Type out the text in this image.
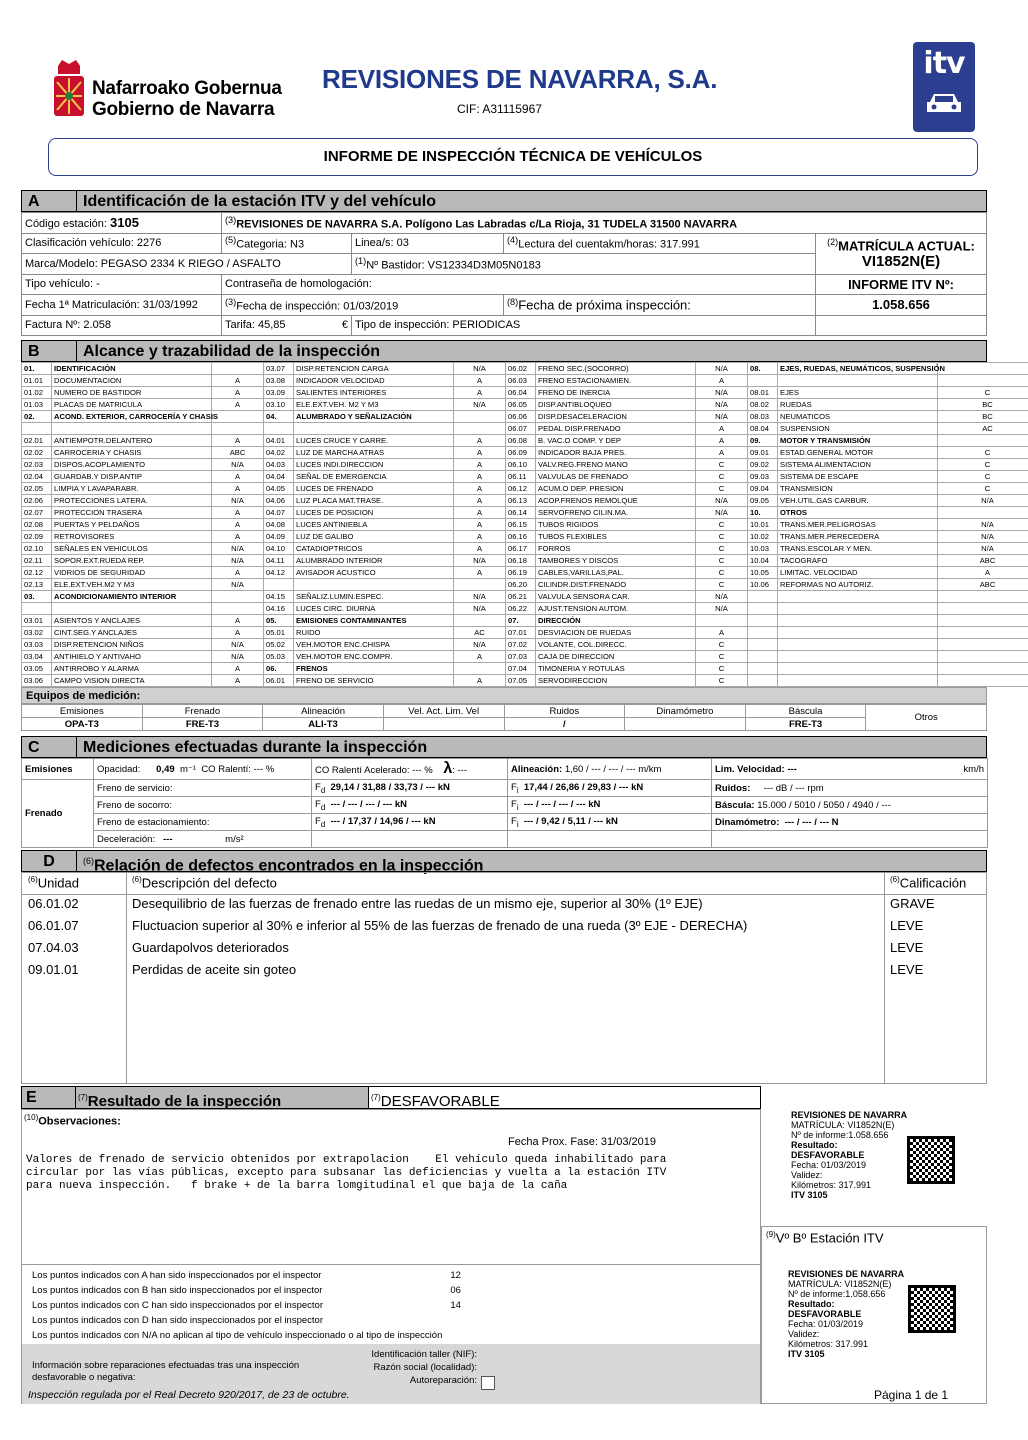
Nafarroako Gobernua
Gobierno de Navarra
REVISIONES DE NAVARRA, S.A.
CIF: A31115967
itv
INFORME DE INSPECCIÓN TÉCNICA DE VEHÍCULOS
A	Identificación de la estación ITV y del vehículo
Código estación: 3105	$^{(3)}$REVISIONES DE NAVARRA S.A. Polígono Las Labradas c/La Rioja, 31 TUDELA 31500 NAVARRA			
Clasificación vehículo: 2276	$^{(5)}$Categoria: N3	Linea/s: 03	$^{(4)}$Lectura del cuentakm/horas: 317.991	$^{(2)}$MATRÍCULA ACTUAL:
VI1852N(E)
Marca/Modelo: PEGASO 2334 K RIEGO / ASFALTO		$^{(1)}$Nº Bastidor: VS12334D3M05N0183		
Tipo vehículo: -	Contraseña de homologación:			INFORME ITV Nº:
Fecha 1ª Matriculación: 31/03/1992	$^{(3)}$Fecha de inspección: 01/03/2019		$^{(8)}$Fecha de próxima inspección:	1.058.656
Factura Nº: 2.058	Tarifa: 45,85 €	Tipo de inspección: PERIODICAS		
B	Alcance y trazabilidad de la inspección
01.	IDENTIFICACIÓN		03.07	DISP.RETENCION CARGA	N/A	06.02	FRENO SEC.(SOCORRO)	N/A	08.	EJES, RUEDAS, NEUMÁTICOS, SUSPENSIÓN	
01.01	DOCUMENTACION	A	03.08	INDICADOR VELOCIDAD	A	06.03	FRENO ESTACIONAMIEN.	A			
01.02	NUMERO DE BASTIDOR	A	03.09	SALIENTES INTERIORES	A	06.04	FRENO DE INERCIA	N/A	08.01	EJES	C
01.03	PLACAS DE MATRICULA	A	03.10	ELE.EXT.VEH. M2 Y M3	N/A	06.05	DISP.ANTIBLOQUEO	N/A	08.02	RUEDAS	BC
02.	ACOND. EXTERIOR, CARROCERÍA Y CHASIS		04.	ALUMBRADO Y SEÑALIZACIÓN		06.06	DISP.DESACELERACION	N/A	08.03	NEUMATICOS	BC
						06.07	PEDAL DISP.FRENADO	A	08.04	SUSPENSION	AC
02.01	ANTIEMPOTR.DELANTERO	A	04.01	LUCES CRUCE Y CARRE.	A	06.08	B. VAC.O COMP. Y DEP	A	09.	MOTOR Y TRANSMISIÓN	
02.02	CARROCERIA Y CHASIS	ABC	04.02	LUZ DE MARCHA ATRAS	A	06.09	INDICADOR BAJA PRES.	A	09.01	ESTAD.GENERAL MOTOR	C
02.03	DISPOS.ACOPLAMIENTO	N/A	04.03	LUCES INDI.DIRECCION	A	06.10	VALV.REG.FRENO MANO	C	09.02	SISTEMA ALIMENTACION	C
02.04	GUARDAB.Y DISP.ANTIP	A	04.04	SEÑAL DE EMERGENCIA	A	06.11	VALVULAS DE FRENADO	C	09.03	SISTEMA DE ESCAPE	C
02.05	LIMPIA Y LAVAPARABR.	A	04.05	LUCES DE FRENADO	A	06.12	ACUM.O DEP. PRESION	C	09.04	TRANSMISION	C
02.06	PROTECCIONES LATERA.	N/A	04.06	LUZ PLACA MAT.TRASE.	A	06.13	ACOP.FRENOS REMOLQUE	N/A	09.05	VEH.UTIL.GAS CARBUR.	N/A
02.07	PROTECCION TRASERA	A	04.07	LUCES DE POSICION	A	06.14	SERVOFRENO CILIN.MA.	N/A	10.	OTROS	
02.08	PUERTAS Y PELDAÑOS	A	04.08	LUCES ANTINIEBLA	A	06.15	TUBOS RIGIDOS	C	10.01	TRANS.MER.PELIGROSAS	N/A
02.09	RETROVISORES	A	04.09	LUZ DE GALIBO	A	06.16	TUBOS FLEXIBLES	C	10.02	TRANS.MER.PERECEDERA	N/A
02.10	SEÑALES EN VEHICULOS	N/A	04.10	CATADIOPTRICOS	A	06.17	FORROS	C	10.03	TRANS.ESCOLAR Y MEN.	N/A
02.11	SOPOR.EXT.RUEDA REP.	N/A	04.11	ALUMBRADO INTERIOR	N/A	06.18	TAMBORES Y DISCOS	C	10.04	TACOGRAFO	ABC
02.12	VIDRIOS DE SEGURIDAD	A	04.12	AVISADOR ACUSTICO	A	06.19	CABLES,VARILLAS,PAL.	C	10.05	LIMITAC. VELOCIDAD	A
02.13	ELE.EXT.VEH.M2 Y M3	N/A				06.20	CILINDR.DIST.FRENADO	C	10.06	REFORMAS NO AUTORIZ.	ABC
03.	ACONDICIONAMIENTO INTERIOR		04.15	SEÑALIZ.LUMIN.ESPEC.	N/A	06.21	VALVULA SENSORA CAR.	N/A			
			04.16	LUCES CIRC. DIURNA	N/A	06.22	AJUST.TENSION AUTOM.	N/A			
03.01	ASIENTOS Y ANCLAJES	A	05.	EMISIONES CONTAMINANTES		07.	DIRECCIÓN				
03.02	CINT.SEG.Y ANCLAJES	A	05.01	RUIDO	AC	07.01	DESVIACION DE RUEDAS	A			
03.03	DISP.RETENCION NIÑOS	N/A	05.02	VEH.MOTOR ENC.CHISPA	N/A	07.02	VOLANTE, COL.DIRECC.	C			
03.04	ANTIHIELO Y ANTIVAHO	N/A	05.03	VEH.MOTOR ENC.COMPR.	A	07.03	CAJA DE DIRECCION	C			
03.05	ANTIRROBO Y ALARMA	A	06.	FRENOS		07.04	TIMONERIA Y ROTULAS	C			
03.06	CAMPO VISION DIRECTA	A	06.01	FRENO DE SERVICIO	A	07.05	SERVODIRECCION	C			
Equipos de medición:
Emisiones	Frenado	Alineación	Vel. Act. Lim. Vel	Ruidos	Dinamómetro	Báscula	Otros
OPA-T3	FRE-T3	ALI-T3		/		FRE-T3	
C	Mediciones efectuadas durante la inspección
Emisiones	Opacidad: 0,49 m⁻¹ CO Ralentí: --- %	CO Ralentí Acelerado: --- % λ: ---	Alineación: 1,60 / --- / --- / --- m/km	Lim. Velocidad: --- km/h

Frenado	Freno de servicio:	$F_d$ 29,14 / 31,88 / 33,73 / --- kN	$F_i$ 17,44 / 26,86 / 29,83 / --- kN	Ruidos: --- dB / --- rpm
	Freno de socorro:	$F_d$ --- / --- / --- / --- kN	$F_i$ --- / --- / --- / --- kN	Báscula: 15.000 / 5010 / 5050 / 4940 / ---
	Freno de estacionamiento:	$F_d$ --- / 17,37 / 14,96 / --- kN	$F_i$ --- / 9,42 / 5,11 / --- kN	Dinamómetro: --- / --- / --- N
	Deceleración: --- m/s²			
D	$^{(6)}$Relación de defectos encontrados en la inspección
$^{(6)}$Unidad	$^{(6)}$Descripción del defecto	$^{(6)}$Calificación
06.01.02	Desequilibrio de las fuerzas de frenado entre las ruedas de un mismo eje, superior al 30% (1º EJE)	GRAVE
06.01.07	Fluctuacion superior al 30% e inferior al 55% de las fuerzas de frenado de una rueda (3º EJE - DERECHA)	LEVE
07.04.03	Guardapolvos deteriorados	LEVE
09.01.01	Perdidas de aceite sin goteo	LEVE
E	$^{(7)}$Resultado de la inspección	$^{(7)}$DESFAVORABLE
$^{(10)}$Observaciones:
Fecha Prox. Fase: 31/03/2019
Valores de frenado de servicio obtenidos por extrapolacion    El vehículo queda inhabilitado para
circular por las vías públicas, excepto para subsanar las deficiencias y vuelta a la estación ITV
para nueva inspección.   f brake + de la barra lomgitudinal el que baja de la caña
Los puntos indicados con A han sido inspeccionados por el inspector	12
Los puntos indicados con B han sido inspeccionados por el inspector	06
Los puntos indicados con C han sido inspeccionados por el inspector	14
Los puntos indicados con D han sido inspeccionados por el inspector	
Los puntos indicados con N/A no aplican al tipo de vehículo inspeccionado o al tipo de inspección	
Información sobre reparaciones efectuadas tras una inspección desfavorable o negativa:
Identificación taller (NIF):
Razón social (localidad):
Autoreparación:
REVISIONES DE NAVARRA
MATRÍCULA: VI1852N(E)
Nº de informe:1.058.656
Resultado: DESFAVORABLE
Fecha: 01/03/2019
Validez:
Kilómetros: 317.991
ITV 3105
$^{(9)}$Vº Bº Estación ITV
REVISIONES DE NAVARRA
MATRÍCULA: VI1852N(E)
Nº de informe:1.058.656
Resultado: DESFAVORABLE
Fecha: 01/03/2019
Validez:
Kilómetros: 317.991
ITV 3105
Inspección regulada por el Real Decreto 920/2017, de 23 de octubre.	Página 1 de 1
